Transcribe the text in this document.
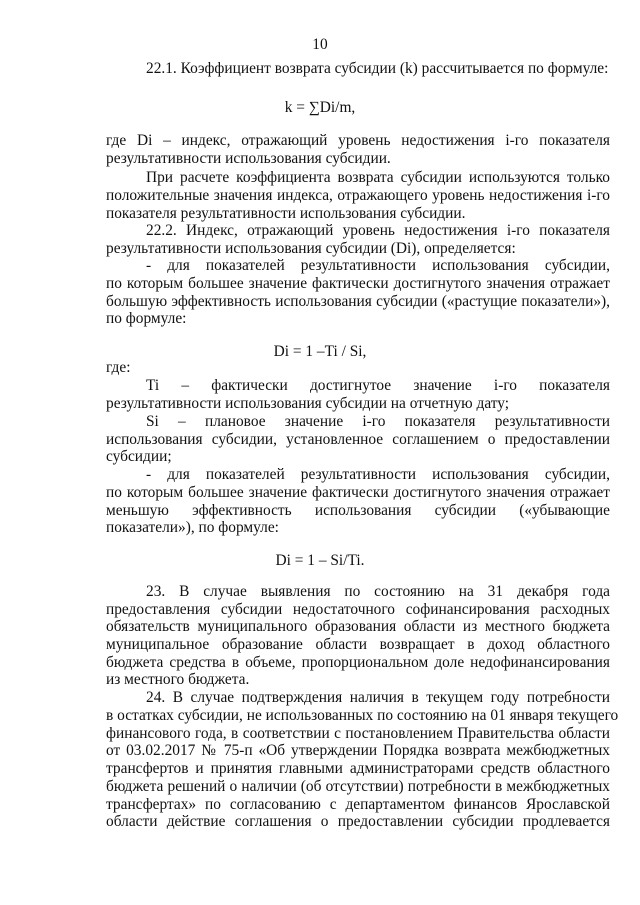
10
22.1. Коэффициент возврата субсидии (k) рассчитывается по формуле:
k = ∑Di/m,
где Di – индекс, отражающий уровень недостижения i-го показателя
результативности использования субсидии.
При расчете коэффициента возврата субсидии используются только
положительные значения индекса, отражающего уровень недостижения i-го
показателя результативности использования субсидии.
22.2. Индекс, отражающий уровень недостижения i-го показателя
результативности использования субсидии (Di), определяется:
- для показателей результативности использования субсидии,
по которым большее значение фактически достигнутого значения отражает
большую эффективность использования субсидии («растущие показатели»),
по формуле:
Di = 1 –Ti / Si,
где:
Ti – фактически достигнутое значение i-го показателя
результативности использования субсидии на отчетную дату;
Si – плановое значение i-го показателя результативности
использования субсидии, установленное соглашением о предоставлении
субсидии;
- для показателей результативности использования субсидии,
по которым большее значение фактически достигнутого значения отражает
меньшую эффективность использования субсидии («убывающие
показатели»), по формуле:
Di = 1 – Si/Ti.
23. В случае выявления по состоянию на 31 декабря года
предоставления субсидии недостаточного софинансирования расходных
обязательств муниципального образования области из местного бюджета
муниципальное образование области возвращает в доход областного
бюджета средства в объеме, пропорциональном доле недофинансирования
из местного бюджета.
24. В случае подтверждения наличия в текущем году потребности
в остатках субсидии, не использованных по состоянию на 01 января текущего
финансового года, в соответствии с постановлением Правительства области
от 03.02.2017 № 75-п «Об утверждении Порядка возврата межбюджетных
трансфертов и принятия главными администраторами средств областного
бюджета решений о наличии (об отсутствии) потребности в межбюджетных
трансфертах» по согласованию с департаментом финансов Ярославской
области действие соглашения о предоставлении субсидии продлевается
